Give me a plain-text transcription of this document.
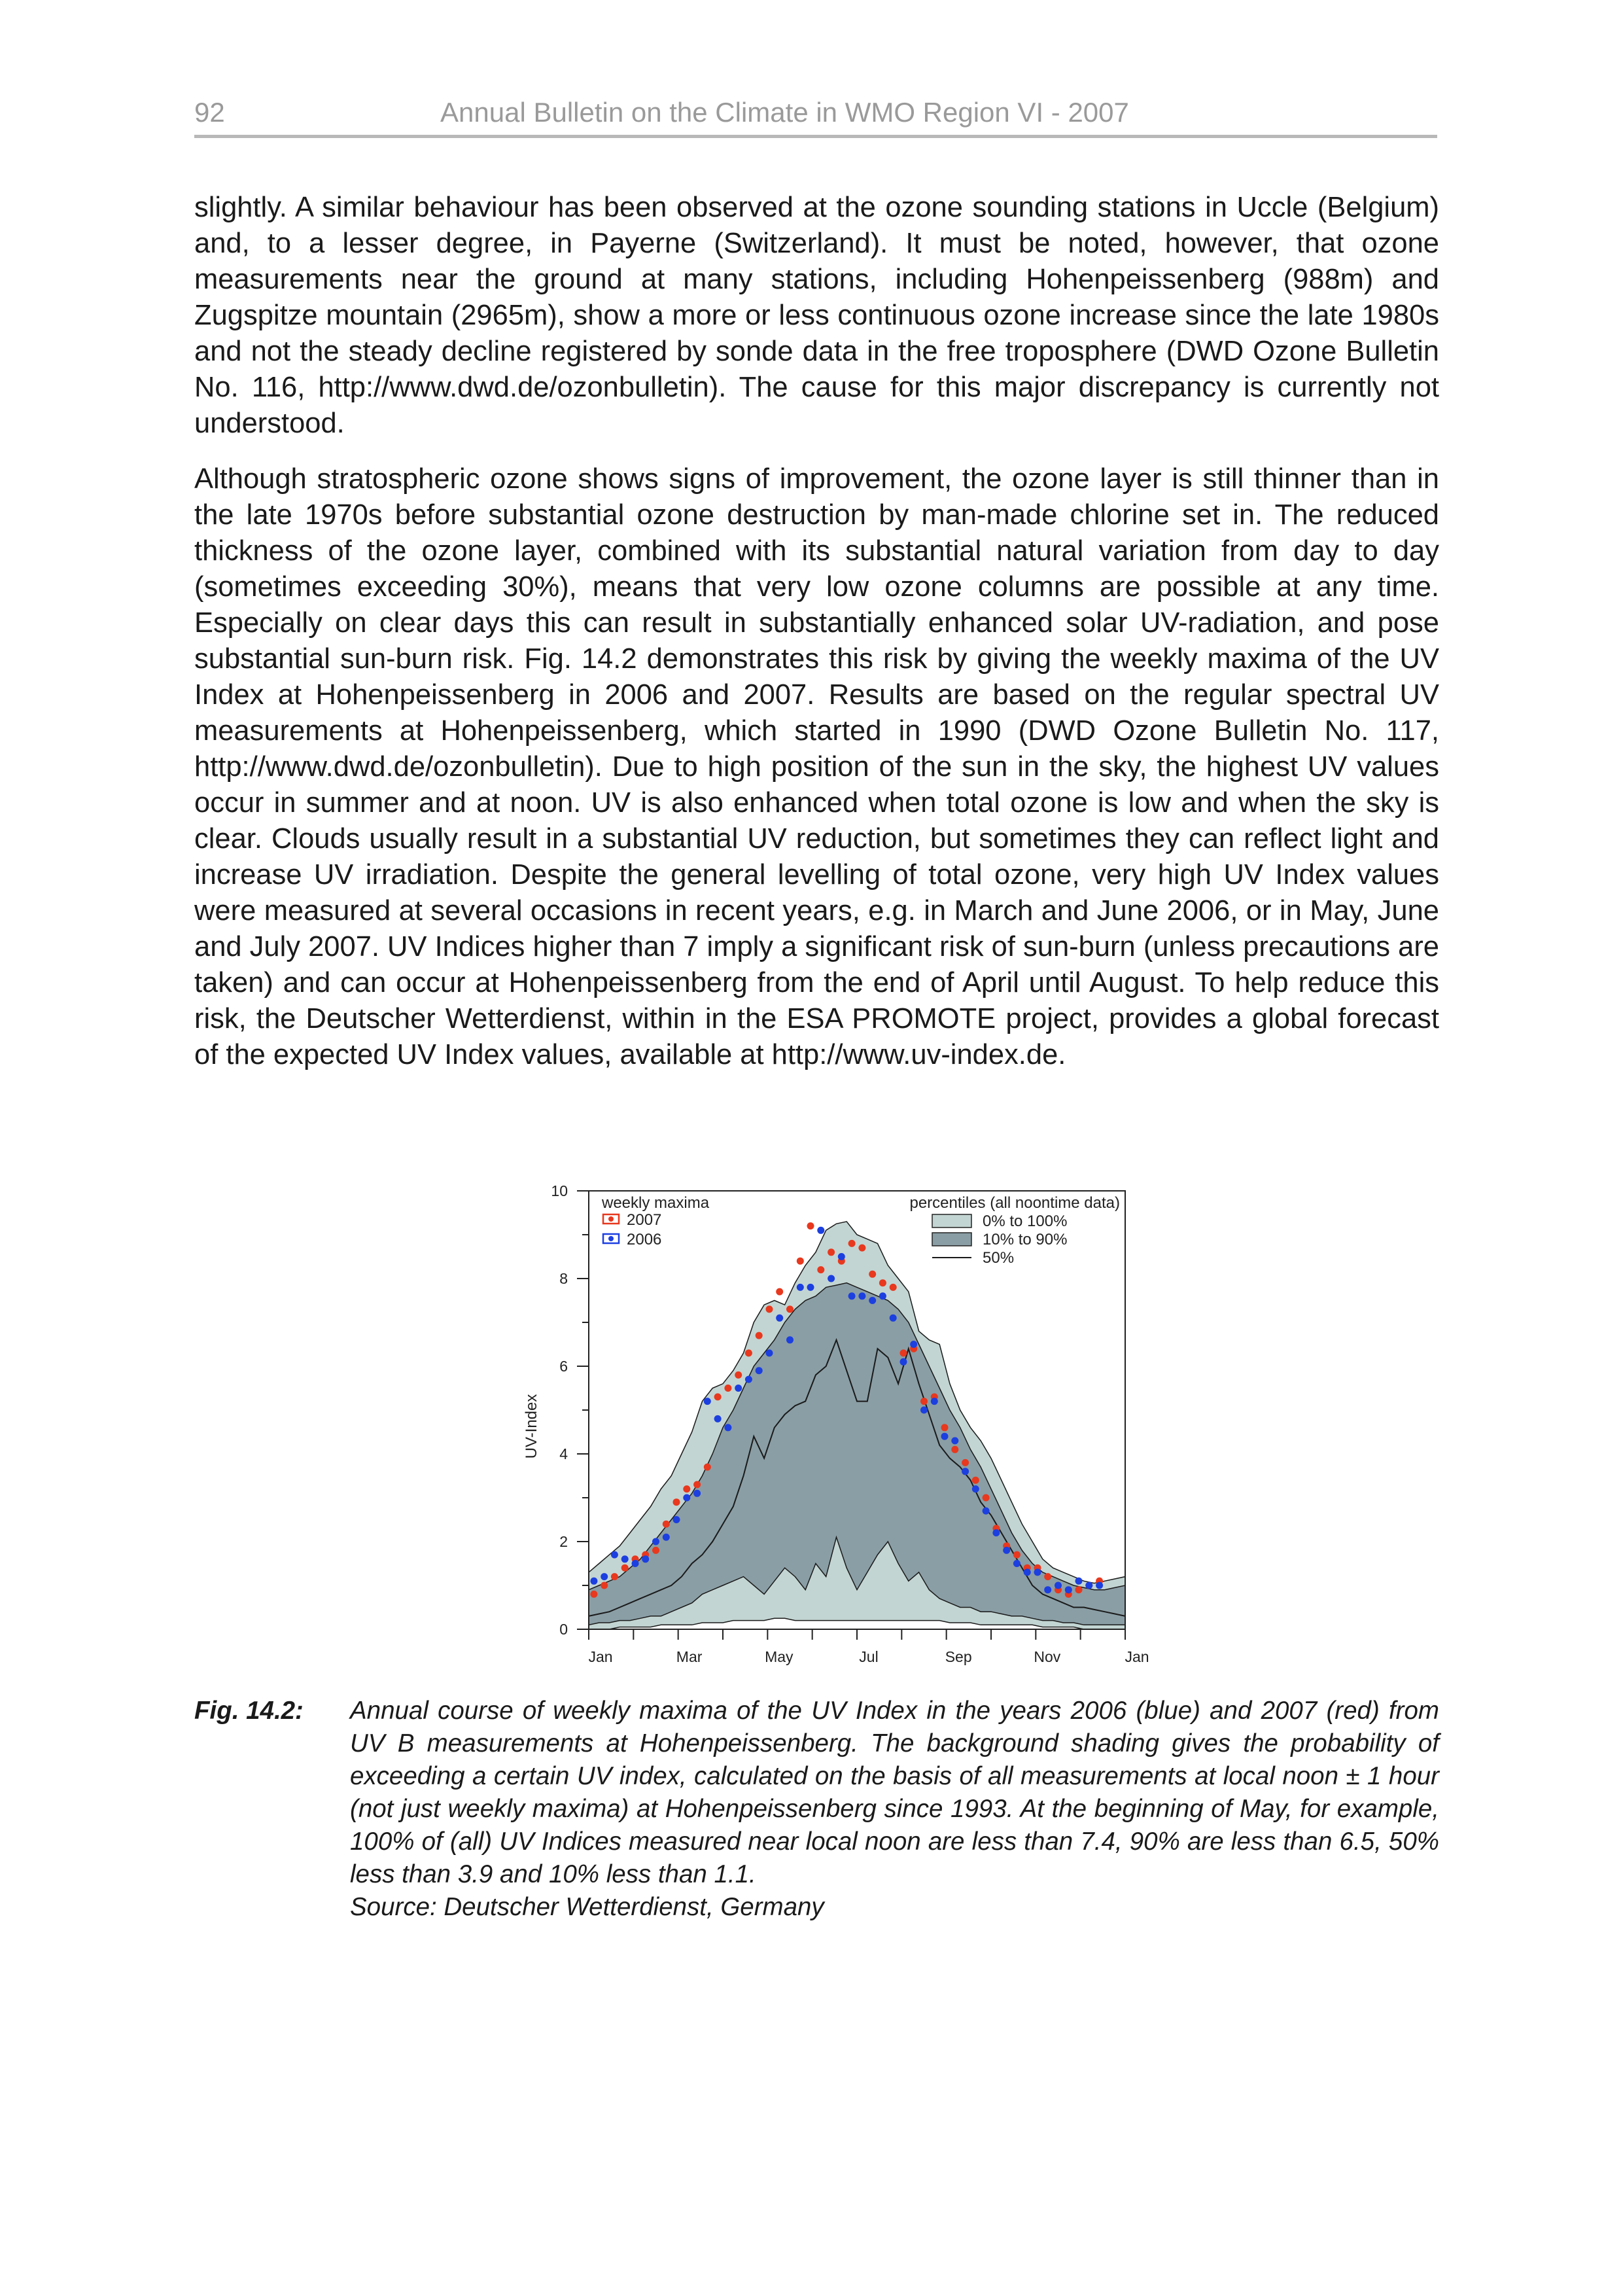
92	Annual Bulletin on the Climate in WMO Region VI - 2007

slightly. A similar behaviour has been observed at the ozone sounding stations in Uccle (Belgium) and, to a lesser degree, in Payerne (Switzerland). It must be noted, however, that ozone measurements near the ground at many stations, including Hohenpeissenberg (988m) and Zugspitze mountain (2965m), show a more or less continuous ozone increase since the late 1980s and not the steady decline registered by sonde data in the free troposphere (DWD Ozone Bulletin No. 116, http://www.dwd.de/ozonbulletin). The cause for this major discrepancy is currently not understood.

Although stratospheric ozone shows signs of improvement, the ozone layer is still thinner than in the late 1970s before substantial ozone destruction by man-made chlorine set in. The reduced thickness of the ozone layer, combined with its substantial natural variation from day to day (sometimes exceeding 30%), means that very low ozone columns are possible at any time. Especially on clear days this can result in substantially enhanced solar UV-radiation, and pose substantial sun-burn risk. Fig. 14.2 demonstrates this risk by giving the weekly maxima of the UV Index at Hohenpeissenberg in 2006 and 2007. Results are based on the regular spectral UV measurements at Hohenpeissenberg, which started in 1990 (DWD Ozone Bulletin No. 117, http://www.dwd.de/ozonbulletin). Due to high position of the sun in the sky, the highest UV values occur in summer and at noon. UV is also enhanced when total ozone is low and when the sky is clear. Clouds usually result in a substantial UV reduction, but sometimes they can reflect light and increase UV irradiation. Despite the general levelling of total ozone, very high UV Index values were measured at several occasions in recent years, e.g. in March and June 2006, or in May, June and July 2007. UV Indices higher than 7 imply a significant risk of sun-burn (unless precautions are taken) and can occur at Hohenpeissenberg from the end of April until August. To help reduce this risk, the Deutscher Wetterdienst, within in the ESA PROMOTE project, provides a global forecast of the expected UV Index values, available at http://www.uv-index.de.

0
2
4
6
8
10
Jan	Mar	May	Jul	Sep	Nov	Jan
weekly maxima
2007
2006
percentiles (all noontime data)
0% to 100%
10% to 90%
50%
UV-Index
Fig. 14.2: Annual course of weekly maxima of the UV Index in the years 2006 (blue) and 2007 (red) from UV B measurements at Hohenpeissenberg. The background shading gives the probability of exceeding a certain UV index, calculated on the basis of all measurements at local noon ± 1 hour (not just weekly maxima) at Hohenpeissenberg since 1993. At the beginning of May, for example, 100% of (all) UV Indices measured near local noon are less than 7.4, 90% are less than 6.5, 50% less than 3.9 and 10% less than 1.1.

Source: Deutscher Wetterdienst, Germany
